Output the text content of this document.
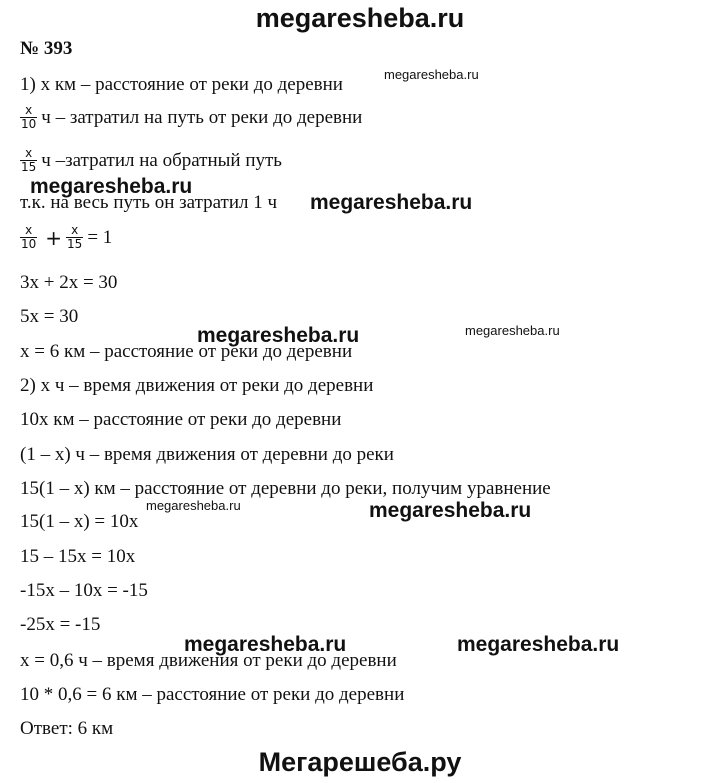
megaresheba.ru
№ 393
1) x км – расстояние от реки до деревни
$\frac{x}{10}$ ч – затратил на путь от реки до деревни
$\frac{x}{15}$ ч –затратил на обратный путь
т.к. на весь путь он затратил 1 ч
$\frac{x}{10} + \frac{x}{15} = 1$
3x + 2x = 30
5x = 30
x = 6 км – расстояние от реки до деревни
2) x ч – время движения от реки до деревни
10x км – расстояние от реки до деревни
(1 – x) ч – время движения от деревни до реки
15(1 – x) км – расстояние от деревни до реки, получим уравнение
15(1 – x) = 10x
15 – 15x = 10x
-15x – 10x = -15
-25x = -15
x = 0,6 ч – время движения от реки до деревни
10 * 0,6 = 6 км – расстояние от реки до деревни
Ответ: 6 км
megaresheba.ru
megaresheba.ru
megaresheba.ru
megaresheba.ru	megaresheba.ru
megaresheba.ru	megaresheba.ru
megaresheba.ru	megaresheba.ru
Мегарешеба.ру
